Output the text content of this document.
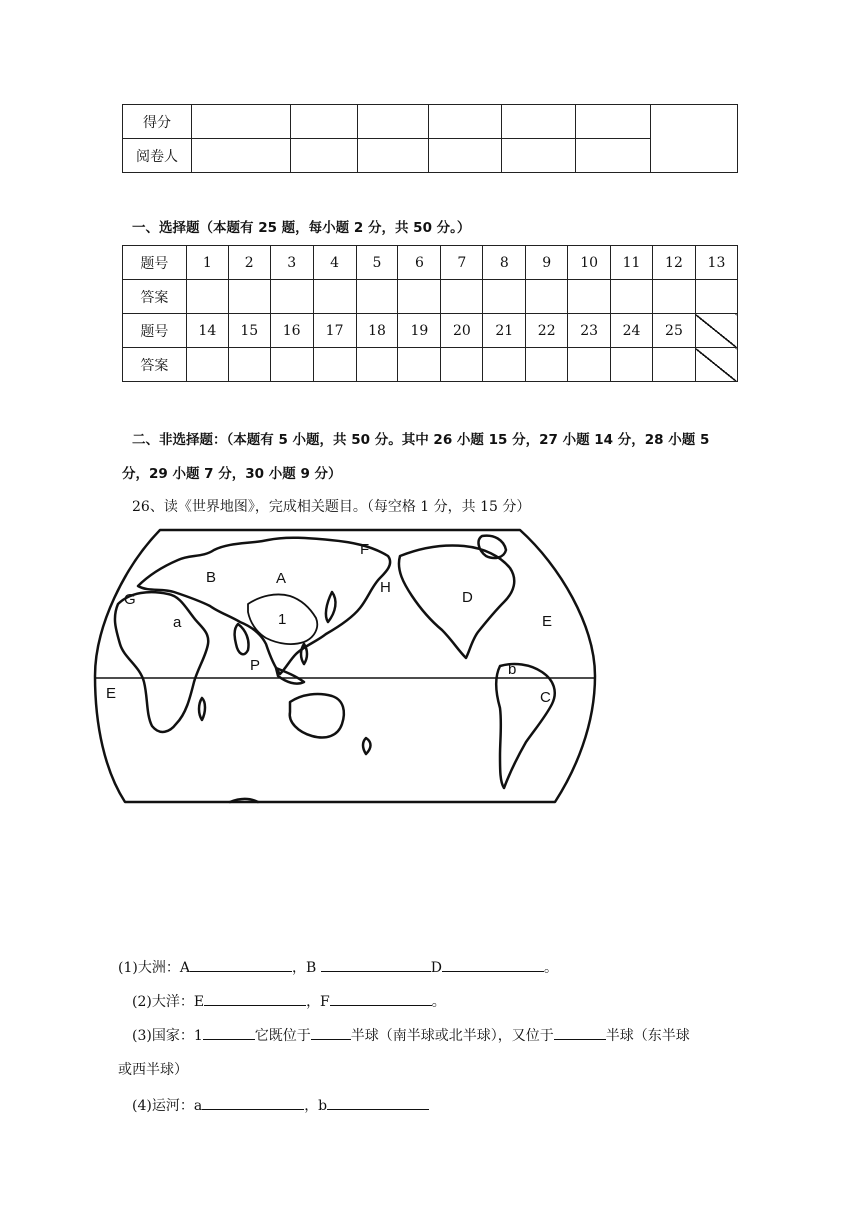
得分							
阅卷人							
一、选择题（本题有 25 题，每小题 2 分，共 50 分。）
题号	1	2	3	4	5	6	7	8	9	10	11	12	13
答案													
题号	14	15	16	17	18	19	20	21	22	23	24	25	
答案													
二、非选择题：（本题有 5 小题，共 50 分。其中 26 小题 15 分，27 小题 14 分，28 小题 5
分，29 小题 7 分，30 小题 9 分）
26、读《世界地图》，完成相关题目。（每空格 1 分，共 15 分）
A
B
C
D
E
E
F
G
H
P
a
b
1
(1)大洲：A	，B	D	。
(2)大洋：E	，F	。
(3)国家：1	它既位于	半球（南半球或北半球），又位于	半球（东半球
或西半球）
(4)运河：a	，b
